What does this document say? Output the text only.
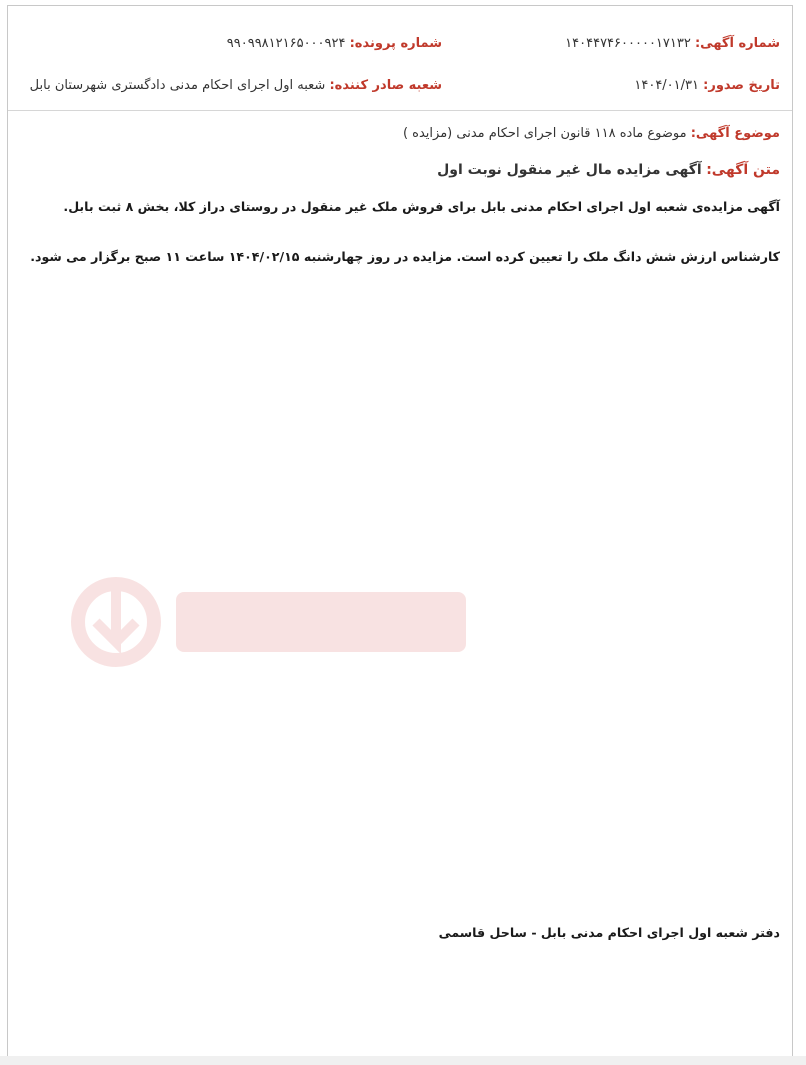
شماره آگهی: ۱۴۰۴۴۷۴۶۰۰۰۰۰۱۷۱۳۲
شماره پرونده: ۹۹۰۹۹۸۱۲۱۶۵۰۰۰۹۲۴
تاریخ صدور: ۱۴۰۴/۰۱/۳۱
شعبه صادر کننده: شعبه اول اجرای احکام مدنی دادگستری شهرستان بابل
موضوع آگهی: موضوع ماده ۱۱۸ قانون اجرای احکام مدنی (مزایده )
متن آگهی: آگهی مزایده مال غیر منقول نوبت اول
آگهی مزایده‌ی شعبه اول اجرای احکام مدنی بابل برای فروش ملک غیر منقول در روستای دراز کلا، بخش ۸ ثبت بابل.
کارشناس ارزش شش دانگ ملک را تعیین کرده است. مزایده در روز چهارشنبه ۱۴۰۴/۰۲/۱۵ ساعت ۱۱ صبح برگزار می شود.
دفتر شعبه اول اجرای احکام مدنی بابل - ساحل قاسمی
